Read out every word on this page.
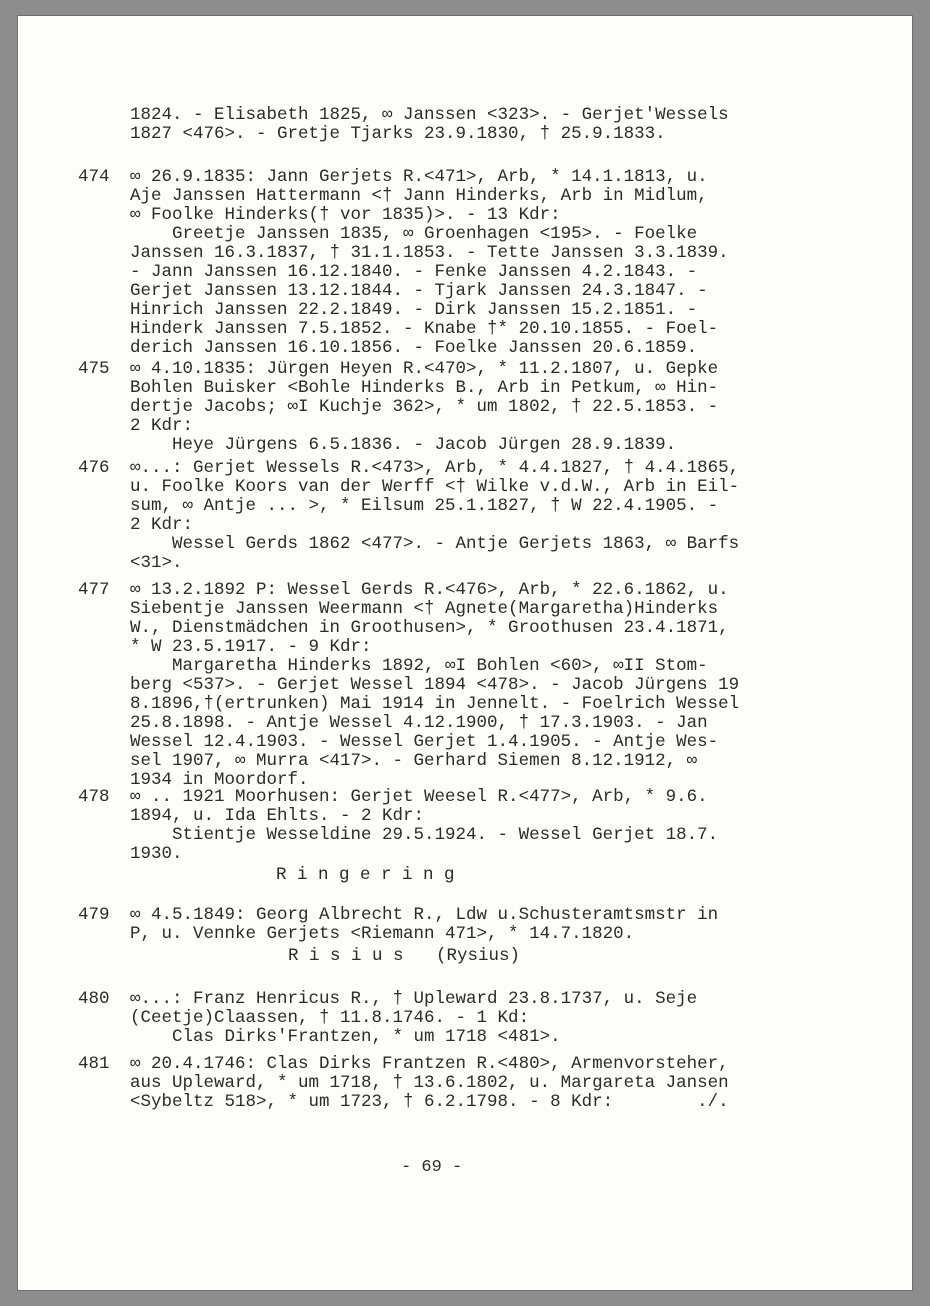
1824. - Elisabeth 1825, ∞ Janssen <323>. - Gerjet'Wessels
1827 <476>. - Gretje Tjarks 23.9.1830, † 25.9.1833.
474 ∞ 26.9.1835: Jann Gerjets R.<471>, Arb, * 14.1.1813, u.
Aje Janssen Hattermann <† Jann Hinderks, Arb in Midlum,
∞ Foolke Hinderks(† vor 1835)>. - 13 Kdr:
Greetje Janssen 1835, ∞ Groenhagen <195>. - Foelke
Janssen 16.3.1837, † 31.1.1853. - Tette Janssen 3.3.1839.
- Jann Janssen 16.12.1840. - Fenke Janssen 4.2.1843. -
Gerjet Janssen 13.12.1844. - Tjark Janssen 24.3.1847. -
Hinrich Janssen 22.2.1849. - Dirk Janssen 15.2.1851. -
Hinderk Janssen 7.5.1852. - Knabe †* 20.10.1855. - Foel-
derich Janssen 16.10.1856. - Foelke Janssen 20.6.1859.
475 ∞ 4.10.1835: Jürgen Heyen R.<470>, * 11.2.1807, u. Gepke
Bohlen Buisker <Bohle Hinderks B., Arb in Petkum, ∞ Hin-
dertje Jacobs; ∞I Kuchje 362>, * um 1802, † 22.5.1853. -
2 Kdr:
Heye Jürgens 6.5.1836. - Jacob Jürgen 28.9.1839.
476 ∞...: Gerjet Wessels R.<473>, Arb, * 4.4.1827, † 4.4.1865,
u. Foolke Koors van der Werff <† Wilke v.d.W., Arb in Eil-
sum, ∞ Antje ... >, * Eilsum 25.1.1827, † W 22.4.1905. -
2 Kdr:
Wessel Gerds 1862 <477>. - Antje Gerjets 1863, ∞ Barfs
<31>.
477 ∞ 13.2.1892 P: Wessel Gerds R.<476>, Arb, * 22.6.1862, u.
Siebentje Janssen Weermann <† Agnete(Margaretha)Hinderks
W., Dienstmädchen in Groothusen>, * Groothusen 23.4.1871,
* W 23.5.1917. - 9 Kdr:
Margaretha Hinderks 1892, ∞I Bohlen <60>, ∞II Stom-
berg <537>. - Gerjet Wessel 1894 <478>. - Jacob Jürgens 19
8.1896,†(ertrunken) Mai 1914 in Jennelt. - Foelrich Wessel
25.8.1898. - Antje Wessel 4.12.1900, † 17.3.1903. - Jan
Wessel 12.4.1903. - Wessel Gerjet 1.4.1905. - Antje Wes-
sel 1907, ∞ Murra <417>. - Gerhard Siemen 8.12.1912, ∞
1934 in Moordorf.
478 ∞ .. 1921 Moorhusen: Gerjet Weesel R.<477>, Arb, * 9.6.
1894, u. Ida Ehlts. - 2 Kdr:
Stientje Wesseldine 29.5.1924. - Wessel Gerjet 18.7.
1930.
479 ∞ 4.5.1849: Georg Albrecht R., Ldw u.Schusteramtsmstr in
P, u. Vennke Gerjets <Riemann 471>, * 14.7.1820.
480 ∞...: Franz Henricus R., † Upleward 23.8.1737, u. Seje
(Ceetje)Claassen, † 11.8.1746. - 1 Kd:
Clas Dirks'Frantzen, * um 1718 <481>.
481 ∞ 20.4.1746: Clas Dirks Frantzen R.<480>, Armenvorsteher,
aus Upleward, * um 1718, † 13.6.1802, u. Margareta Jansen
<Sybeltz 518>, * um 1723, † 6.2.1798. - 8 Kdr:        ./.
R i n g e r i n g
R i s i u s (Rysius)
- 69 -
